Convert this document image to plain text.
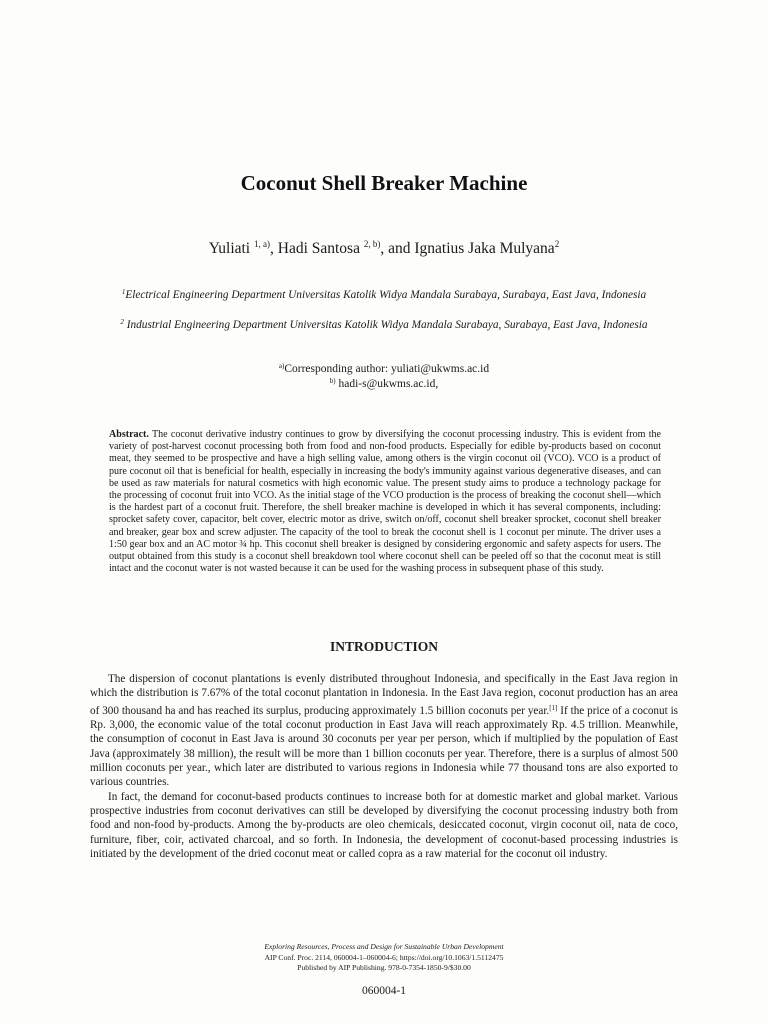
Coconut Shell Breaker Machine
Yuliati $^{1, a)}$, Hadi Santosa $^{2, b)}$, and Ignatius Jaka Mulyana$^2$
$^1$Electrical Engineering Department Universitas Katolik Widya Mandala Surabaya, Surabaya, East Java, Indonesia
$^2$ Industrial Engineering Department Universitas Katolik Widya Mandala Surabaya, Surabaya, East Java, Indonesia
$^{a)}$Corresponding author: yuliati@ukwms.ac.id
$^{b)}$ hadi-s@ukwms.ac.id,
Abstract. The coconut derivative industry continues to grow by diversifying the coconut processing industry. This is evident from the variety of post-harvest coconut processing both from food and non-food products. Especially for edible by-products based on coconut meat, they seemed to be prospective and have a high selling value, among others is the virgin coconut oil (VCO). VCO is a product of pure coconut oil that is beneficial for health, especially in increasing the body's immunity against various degenerative diseases, and can be used as raw materials for natural cosmetics with high economic value. The present study aims to produce a technology package for the processing of coconut fruit into VCO. As the initial stage of the VCO production is the process of breaking the coconut shell—which is the hardest part of a coconut fruit. Therefore, the shell breaker machine is developed in which it has several components, including: sprocket safety cover, capacitor, belt cover, electric motor as drive, switch on/off, coconut shell breaker sprocket, coconut shell breaker and breaker, gear box and screw adjuster. The capacity of the tool to break the coconut shell is 1 coconut per minute. The driver uses a 1:50 gear box and an AC motor ¾ hp. This coconut shell breaker is designed by considering ergonomic and safety aspects for users. The output obtained from this study is a coconut shell breakdown tool where coconut shell can be peeled off so that the coconut meat is still intact and the coconut water is not wasted because it can be used for the washing process in subsequent phase of this study.
INTRODUCTION

The dispersion of coconut plantations is evenly distributed throughout Indonesia, and specifically in the East Java region in which the distribution is 7.67% of the total coconut plantation in Indonesia. In the East Java region, coconut production has an area of 300 thousand ha and has reached its surplus, producing approximately 1.5 billion coconuts per year.[1] If the price of a coconut is Rp. 3,000, the economic value of the total coconut production in East Java will reach approximately Rp. 4.5 trillion. Meanwhile, the consumption of coconut in East Java is around 30 coconuts per year per person, which if multiplied by the population of East Java (approximately 38 million), the result will be more than 1 billion coconuts per year. Therefore, there is a surplus of almost 500 million coconuts per year., which later are distributed to various regions in Indonesia while 77 thousand tons are also exported to various countries.

In fact, the demand for coconut-based products continues to increase both for at domestic market and global market. Various prospective industries from coconut derivatives can still be developed by diversifying the coconut processing industry both from food and non-food by-products. Among the by-products are oleo chemicals, desiccated coconut, virgin coconut oil, nata de coco, furniture, fiber, coir, activated charcoal, and so forth. In Indonesia, the development of coconut-based processing industries is initiated by the development of the dried coconut meat or called copra as a raw material for the coconut oil industry.

Exploring Resources, Process and Design for Sustainable Urban Development
AIP Conf. Proc. 2114, 060004-1–060004-6; https://doi.org/10.1063/1.5112475
Published by AIP Publishing. 978-0-7354-1850-9/$30.00
060004-1
